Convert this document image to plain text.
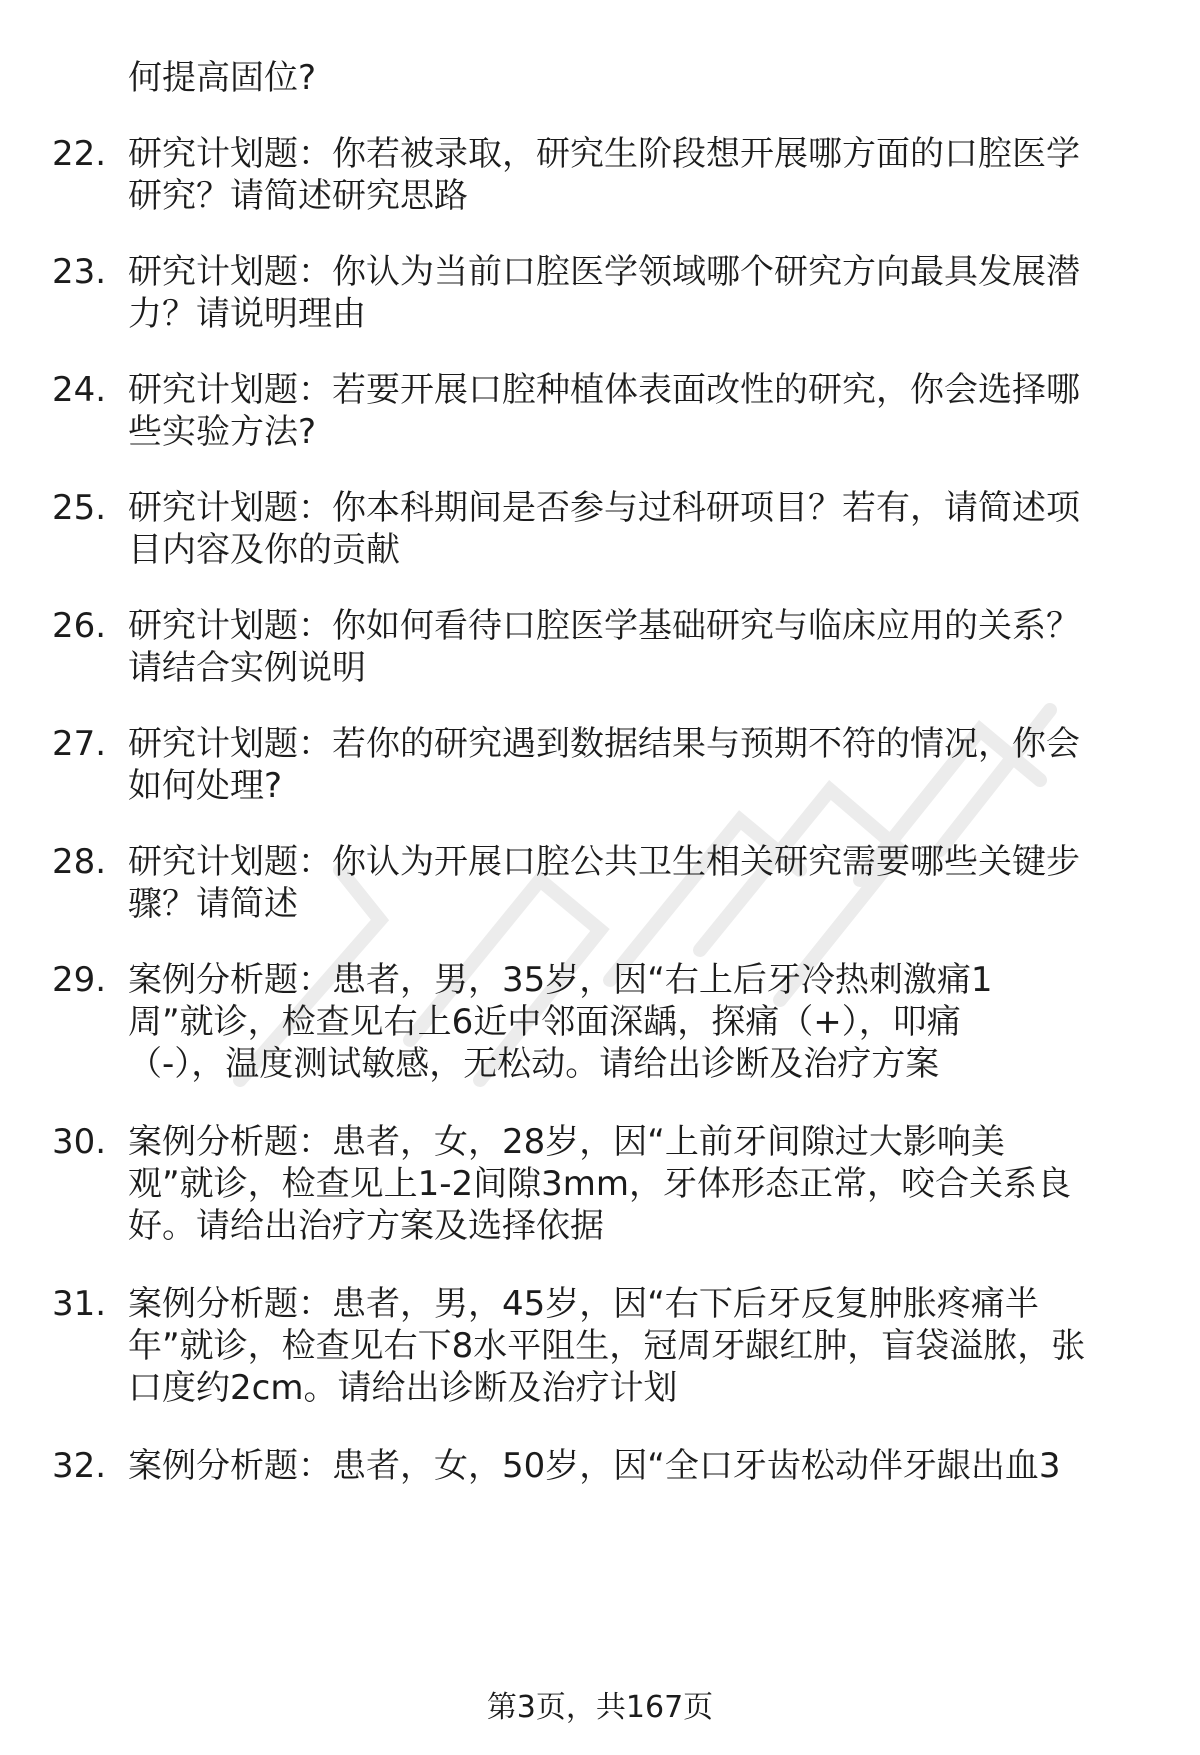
何提高固位?
22. 研究计划题：你若被录取，研究生阶段想开展哪方面的口腔医学
研究？请简述研究思路
23. 研究计划题：你认为当前口腔医学领域哪个研究方向最具发展潜
力？请说明理由
24. 研究计划题：若要开展口腔种植体表面改性的研究，你会选择哪
些实验方法?
25. 研究计划题：你本科期间是否参与过科研项目？若有，请简述项
目内容及你的贡献
26. 研究计划题：你如何看待口腔医学基础研究与临床应用的关系？
请结合实例说明
27. 研究计划题：若你的研究遇到数据结果与预期不符的情况，你会
如何处理?
28. 研究计划题：你认为开展口腔公共卫生相关研究需要哪些关键步
骤？请简述
29. 案例分析题：患者，男，35岁，因“右上后牙冷热刺激痛1
周”就诊，检查见右上6近中邻面深龋，探痛（+），叩痛
（-），温度测试敏感，无松动。请给出诊断及治疗方案
30. 案例分析题：患者，女，28岁，因“上前牙间隙过大影响美
观”就诊，检查见上1-2间隙3mm，牙体形态正常，咬合关系良
好。请给出治疗方案及选择依据
31. 案例分析题：患者，男，45岁，因“右下后牙反复肿胀疼痛半
年”就诊，检查见右下8水平阻生，冠周牙龈红肿，盲袋溢脓，张
口度约2cm。请给出诊断及治疗计划
32. 案例分析题：患者，女，50岁，因“全口牙齿松动伴牙龈出血3
第3页，共167页
